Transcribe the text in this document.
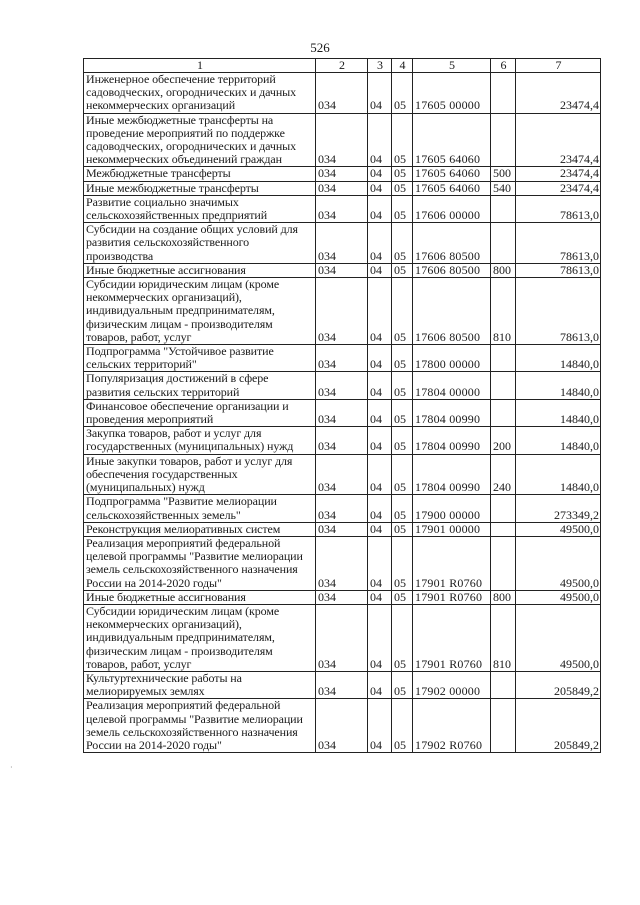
526
·
1	2	3	4	5	6	7
Инженерное обеспечение территорий садоводческих, огороднических и дачных некоммерческих организаций	034	04	05	17605 00000		23474,4
Иные межбюджетные трансферты на проведение мероприятий по поддержке садоводческих, огороднических и дачных некоммерческих объединений граждан	034	04	05	17605 64060		23474,4
Межбюджетные трансферты	034	04	05	17605 64060	500	23474,4
Иные межбюджетные трансферты	034	04	05	17605 64060	540	23474,4
Развитие социально значимых сельскохозяйственных предприятий	034	04	05	17606 00000		78613,0
Субсидии на создание общих условий для развития сельскохозяйственного производства	034	04	05	17606 80500		78613,0
Иные бюджетные ассигнования	034	04	05	17606 80500	800	78613,0
Субсидии юридическим лицам (кроме некоммерческих организаций), индивидуальным предпринимателям, физическим лицам - производителям товаров, работ, услуг	034	04	05	17606 80500	810	78613,0
Подпрограмма "Устойчивое развитие сельских территорий"	034	04	05	17800 00000		14840,0
Популяризация достижений в сфере развития сельских территорий	034	04	05	17804 00000		14840,0
Финансовое обеспечение организации и проведения мероприятий	034	04	05	17804 00990		14840,0
Закупка товаров, работ и услуг для государственных (муниципальных) нужд	034	04	05	17804 00990	200	14840,0
Иные закупки товаров, работ и услуг для обеспечения государственных (муниципальных) нужд	034	04	05	17804 00990	240	14840,0
Подпрограмма "Развитие мелиорации сельскохозяйственных земель"	034	04	05	17900 00000		273349,2
Реконструкция мелиоративных систем	034	04	05	17901 00000		49500,0
Реализация мероприятий федеральной целевой программы "Развитие мелиорации земель сельскохозяйственного назначения России на 2014-2020 годы"	034	04	05	17901 R0760		49500,0
Иные бюджетные ассигнования	034	04	05	17901 R0760	800	49500,0
Субсидии юридическим лицам (кроме некоммерческих организаций), индивидуальным предпринимателям, физическим лицам - производителям товаров, работ, услуг	034	04	05	17901 R0760	810	49500,0
Культуртехнические работы на мелиорируемых землях	034	04	05	17902 00000		205849,2
Реализация мероприятий федеральной целевой программы "Развитие мелиорации земель сельскохозяйственного назначения России на 2014-2020 годы"	034	04	05	17902 R0760		205849,2
